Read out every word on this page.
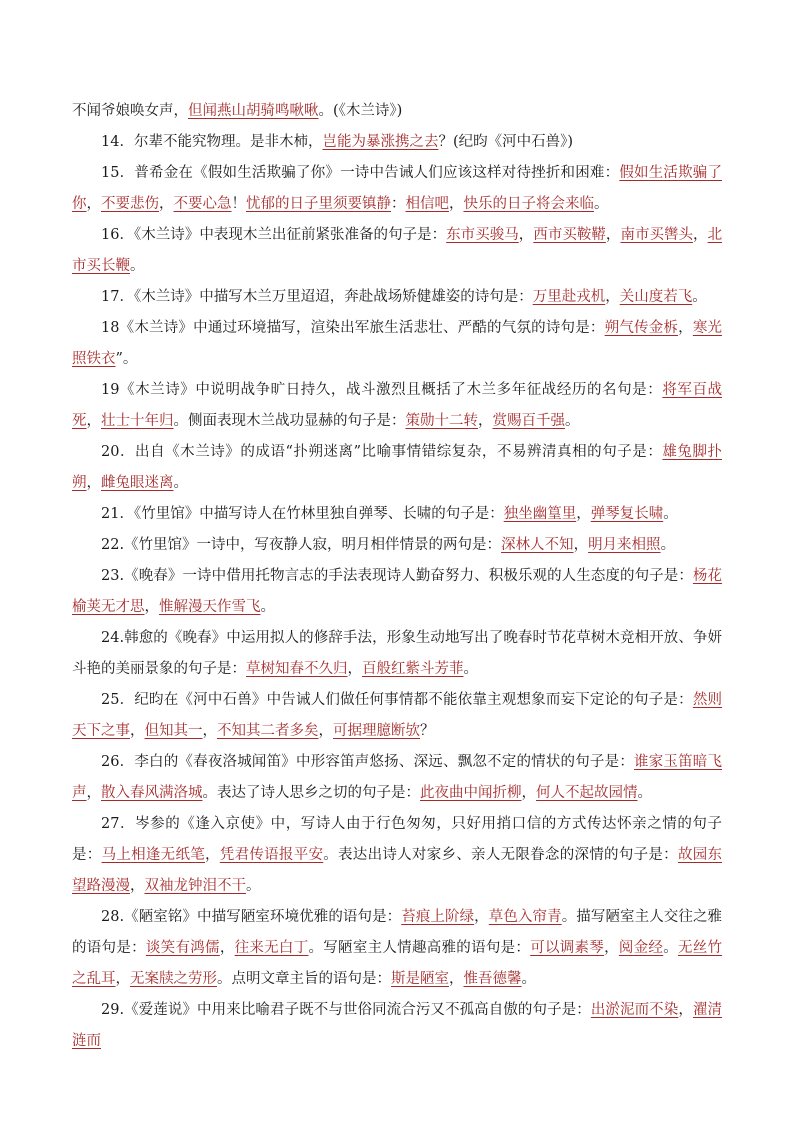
不闻爷娘唤女声，但闻燕山胡骑鸣啾啾。(《木兰诗》)

14．尔辈不能究物理。是非木柿，岂能为暴涨携之去？(纪昀《河中石兽》)

15．普希金在《假如生活欺骗了你》一诗中告诫人们应该这样对待挫折和困难：假如生活欺骗了你，不要悲伤，不要心急！忧郁的日子里须要镇静：相信吧，快乐的日子将会来临。

16．《木兰诗》中表现木兰出征前紧张准备的句子是：东市买骏马，西市买鞍鞯，南市买辔头，北市买长鞭。

17．《木兰诗》中描写木兰万里迢迢，奔赴战场矫健雄姿的诗句是：万里赴戎机，关山度若飞。

18《木兰诗》中通过环境描写，渲染出军旅生活悲壮、严酷的气氛的诗句是：朔气传金柝，寒光照铁衣”。

19《木兰诗》中说明战争旷日持久，战斗激烈且概括了木兰多年征战经历的名句是：将军百战死，壮士十年归。侧面表现木兰战功显赫的句子是：策勋十二转，赏赐百千强。

20．出自《木兰诗》的成语“扑朔迷离”比喻事情错综复杂，不易辨清真相的句子是：雄兔脚扑朔，雌兔眼迷离。

21．《竹里馆》中描写诗人在竹林里独自弹琴、长啸的句子是：独坐幽篁里，弹琴复长啸。

22.《竹里馆》一诗中，写夜静人寂，明月相伴情景的两句是：深林人不知，明月来相照。

23.《晚春》一诗中借用托物言志的手法表现诗人勤奋努力、积极乐观的人生态度的句子是：杨花榆荚无才思，惟解漫天作雪飞。

24.韩愈的《晚春》中运用拟人的修辞手法，形象生动地写出了晚春时节花草树木竞相开放、争妍斗艳的美丽景象的句子是：草树知春不久归，百般红紫斗芳菲。

25．纪昀在《河中石兽》中告诫人们做任何事情都不能依靠主观想象而妄下定论的句子是：然则天下之事，但知其一，不知其二者多矣，可据理臆断欤？

26．李白的《春夜洛城闻笛》中形容笛声悠扬、深远、飘忽不定的情状的句子是：谁家玉笛暗飞声，散入春风满洛城。表达了诗人思乡之切的句子是：此夜曲中闻折柳，何人不起故园情。

27．岑参的《逢入京使》中，写诗人由于行色匆匆，只好用捎口信的方式传达怀亲之情的句子是：马上相逢无纸笔，凭君传语报平安。表达出诗人对家乡、亲人无限眷念的深情的句子是：故园东望路漫漫，双袖龙钟泪不干。

28.《陋室铭》中描写陋室环境优雅的语句是：苔痕上阶绿，草色入帘青。描写陋室主人交往之雅的语句是：谈笑有鸿儒，往来无白丁。写陋室主人情趣高雅的语句是：可以调素琴，阅金经。无丝竹之乱耳，无案牍之劳形。点明文章主旨的语句是：斯是陋室，惟吾德馨。

29.《爱莲说》中用来比喻君子既不与世俗同流合污又不孤高自傲的句子是：出淤泥而不染，濯清涟而
